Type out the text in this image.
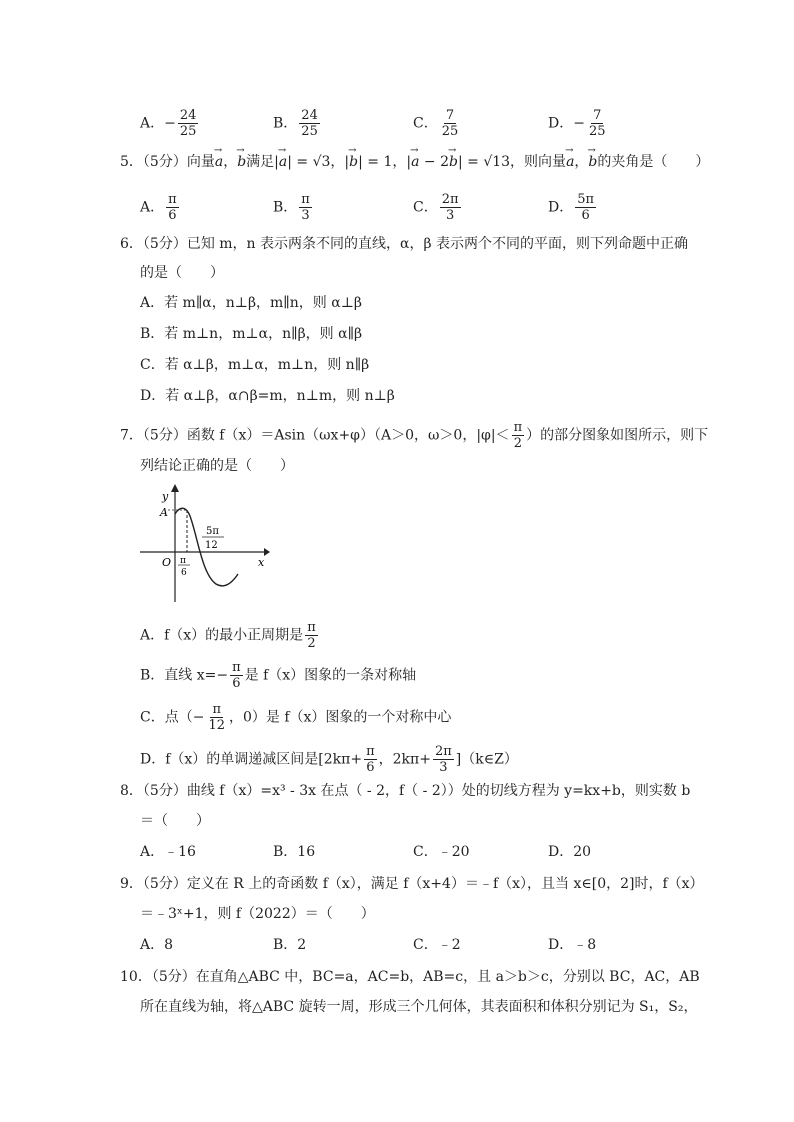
A．− $\frac{24}{25}$	B． $\frac{24}{25}$	C． $\frac{7}{25}$	D．− $\frac{7}{25}$
5．（5分）向量→ a，→ b满足|→ a| = √3，|→ b| = 1，|→ a − 2→ b| = √13，则向量→ a，→ b的夹角是（　　）
A． $\frac{\pi}{6}$	B． $\frac{\pi}{3}$	C． $\frac{2\pi}{3}$	D． $\frac{5\pi}{6}$
6．（5分）已知 m，n 表示两条不同的直线，α，β 表示两个不同的平面，则下列命题中正确
的是（　　）
A．若 m∥α，n⊥β，m∥n，则 α⊥β
B．若 m⊥n，m⊥α，n∥β，则 α∥β
C．若 α⊥β，m⊥α，m⊥n，则 n∥β
D．若 α⊥β，α∩β=m，n⊥m，则 n⊥β
7．（5分）函数 f（x）＝Asin（ωx+φ）（A＞0，ω＞0，$|\varphi|< \frac{\pi}{2}$ ）的部分图象如图所示，则下
列结论正确的是（　　）
y
x
O
A
π
6
5π
12
A．f（x）的最小正周期是 $\frac{\pi}{2}$
B．直线 $x=- \frac{\pi}{6}$ 是 f（x）图象的一条对称轴
C．点（− $\frac{\pi}{12}$ ，0）是 f（x）图象的一个对称中心
D．f（x）的单调递减区间是[$2k\pi+ \frac{\pi}{6}$ ，$2k\pi+ \frac{2\pi}{3}$ ]（k∈Z）
8．（5分）曲线 f（x）=x³ - 3x 在点（ - 2，f（ - 2））处的切线方程为 y=kx+b，则实数 b
＝（　　）
A．﹣16	B．16	C．﹣20	D．20
9．（5分）定义在 R 上的奇函数 f（x），满足 f（x+4）＝﹣f（x），且当 x∈[0，2]时，f（x）
＝﹣3ˣ+1，则 f（2022）＝（　　）
A．8	B．2	C．﹣2	D．﹣8
10．（5分）在直角△ABC 中，BC=a，AC=b，AB=c，且 a＞b＞c，分别以 BC，AC，AB
所在直线为轴，将△ABC 旋转一周，形成三个几何体，其表面积和体积分别记为 S₁，S₂，
